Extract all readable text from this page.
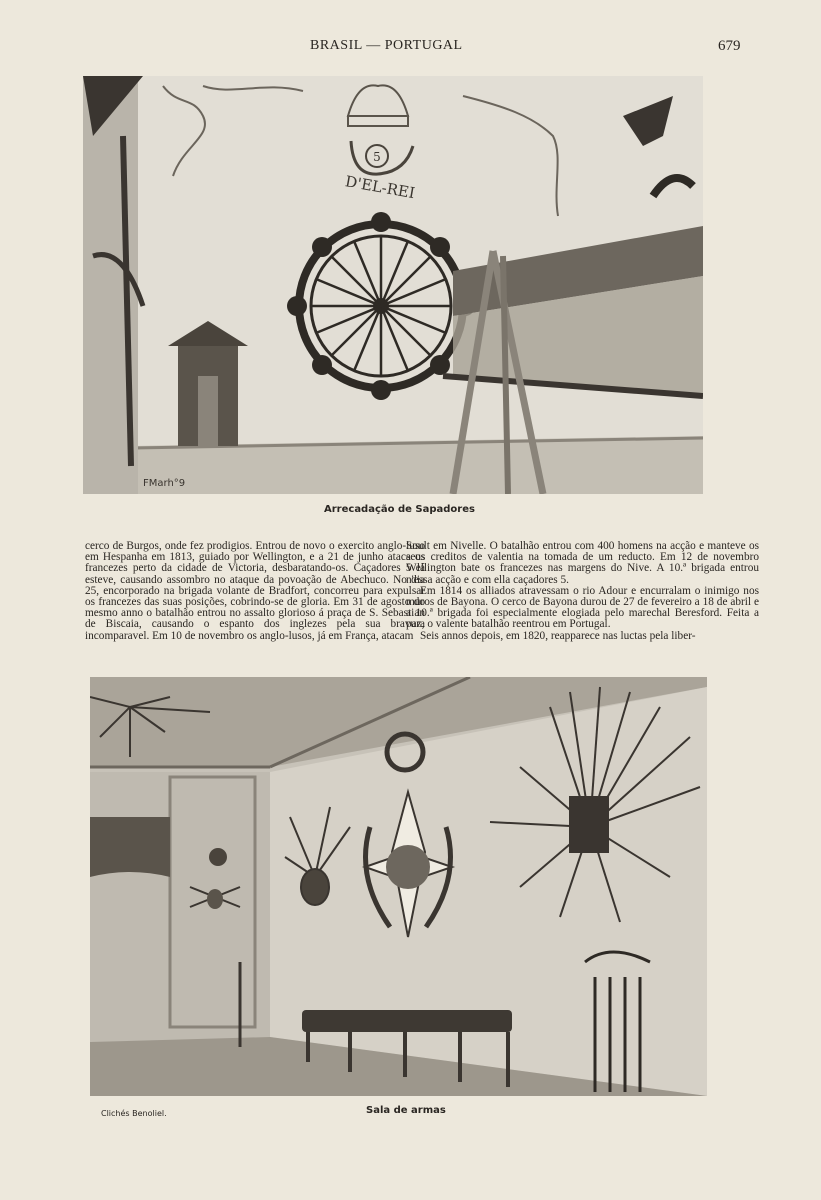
BRASIL — PORTUGAL	679
5
D'EL-REI
FMarh°9
Arrecadação de Sapadores

cerco de Burgos, onde fez prodigios. Entrou de novo o exercito anglo-luso em Hespanha em 1813, guiado por Wellington, e a 21 de junho ataca os francezes perto da cidade de Victoria, desbaratando-os. Caçadores 5 lá esteve, causando assombro no ataque da povoação de Abechuco. No dia 25, encorporado na brigada volante de Bradfort, concorreu para expulsar os francezes das suas posições, cobrindo-se de gloria. Em 31 de agosto do mesmo anno o batalhão entrou no assalto glorioso á praça de S. Sebastian de Biscaia, causando o espanto dos inglezes pela sua bravura incomparavel. Em 10 de novembro os anglo-lusos, já em França, atacam

Soult em Nivelle. O batalhão entrou com 400 homens na acção e manteve os seus creditos de valentia na tomada de um reducto. Em 12 de novembro Wellington bate os francezes nas margens do Nive. A 10.ª brigada entrou n'essa acção e com ella caçadores 5.

Em 1814 os alliados atravessam o rio Adour e encurralam o inimigo nos muros de Bayona. O cerco de Bayona durou de 27 de fevereiro a 18 de abril e a 10.ª brigada foi especialmente elogiada pelo marechal Beresford. Feita a paz, o valente batalhão reentrou em Portugal.

Seis annos depois, em 1820, reapparece nas luctas pela liber-

Clichés Benoliel.	Sala de armas
